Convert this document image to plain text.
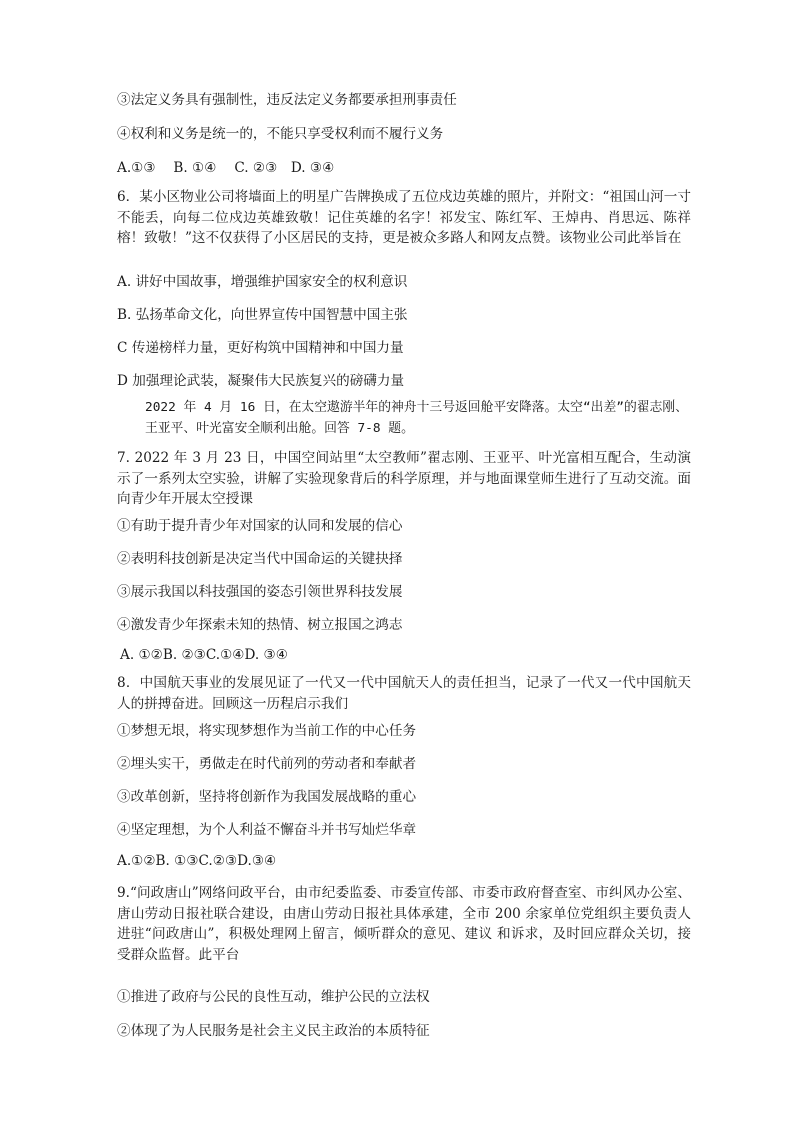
③法定义务具有强制性，违反法定义务都要承担刑事责任
④权利和义务是统一的，不能只享受权利而不履行义务
A.①③　 B. ①④　 C. ②③　D. ③④
6．某小区物业公司将墙面上的明星广告牌换成了五位戍边英雄的照片，并附文：“祖国山河一寸不能丢，向每二位戍边英雄致敬！记住英雄的名字！祁发宝、陈红军、王焯冉、肖思远、陈祥榕！致敬！”这不仅获得了小区居民的支持，更是被众多路人和网友点赞。该物业公司此举旨在
A. 讲好中国故事，增强维护国家安全的权利意识
B. 弘扬革命文化，向世界宣传中国智慧中国主张
C 传递榜样力量，更好构筑中国精神和中国力量
D 加强理论武装，凝聚伟大民族复兴的磅礴力量
2022 年 4 月 16 日，在太空遨游半年的神舟十三号返回舱平安降落。太空“出差”的翟志刚、王亚平、叶光富安全顺利出舱。回答 7-8 题。
7. 2022 年 3 月 23 日，中国空间站里“太空教师”翟志刚、王亚平、叶光富相互配合，生动演示了一系列太空实验，讲解了实验现象背后的科学原理，并与地面课堂师生进行了互动交流。面向青少年开展太空授课
①有助于提升青少年对国家的认同和发展的信心
②表明科技创新是决定当代中国命运的关键抉择
③展示我国以科技强国的姿态引领世界科技发展
④激发青少年探索未知的热情、树立报国之鸿志
A. ①②B. ②③C.①④D. ③④
8．中国航天事业的发展见证了一代又一代中国航天人的责任担当，记录了一代又一代中国航天人的拼搏奋进。回顾这一历程启示我们
①梦想无垠，将实现梦想作为当前工作的中心任务
②埋头实干，勇做走在时代前列的劳动者和奉献者
③改革创新，坚持将创新作为我国发展战略的重心
④坚定理想，为个人利益不懈奋斗并书写灿烂华章
A.①②B. ①③C.②③D.③④
9.“问政唐山”网络问政平台，由市纪委监委、市委宣传部、市委市政府督查室、市纠风办公室、唐山劳动日报社联合建设，由唐山劳动日报社具体承建，全市 200 余家单位党组织主要负责人进驻“问政唐山”，积极处理网上留言，倾听群众的意见、建议 和诉求，及时回应群众关切，接受群众监督。此平台
①推进了政府与公民的良性互动，维护公民的立法权
②体现了为人民服务是社会主义民主政治的本质特征
